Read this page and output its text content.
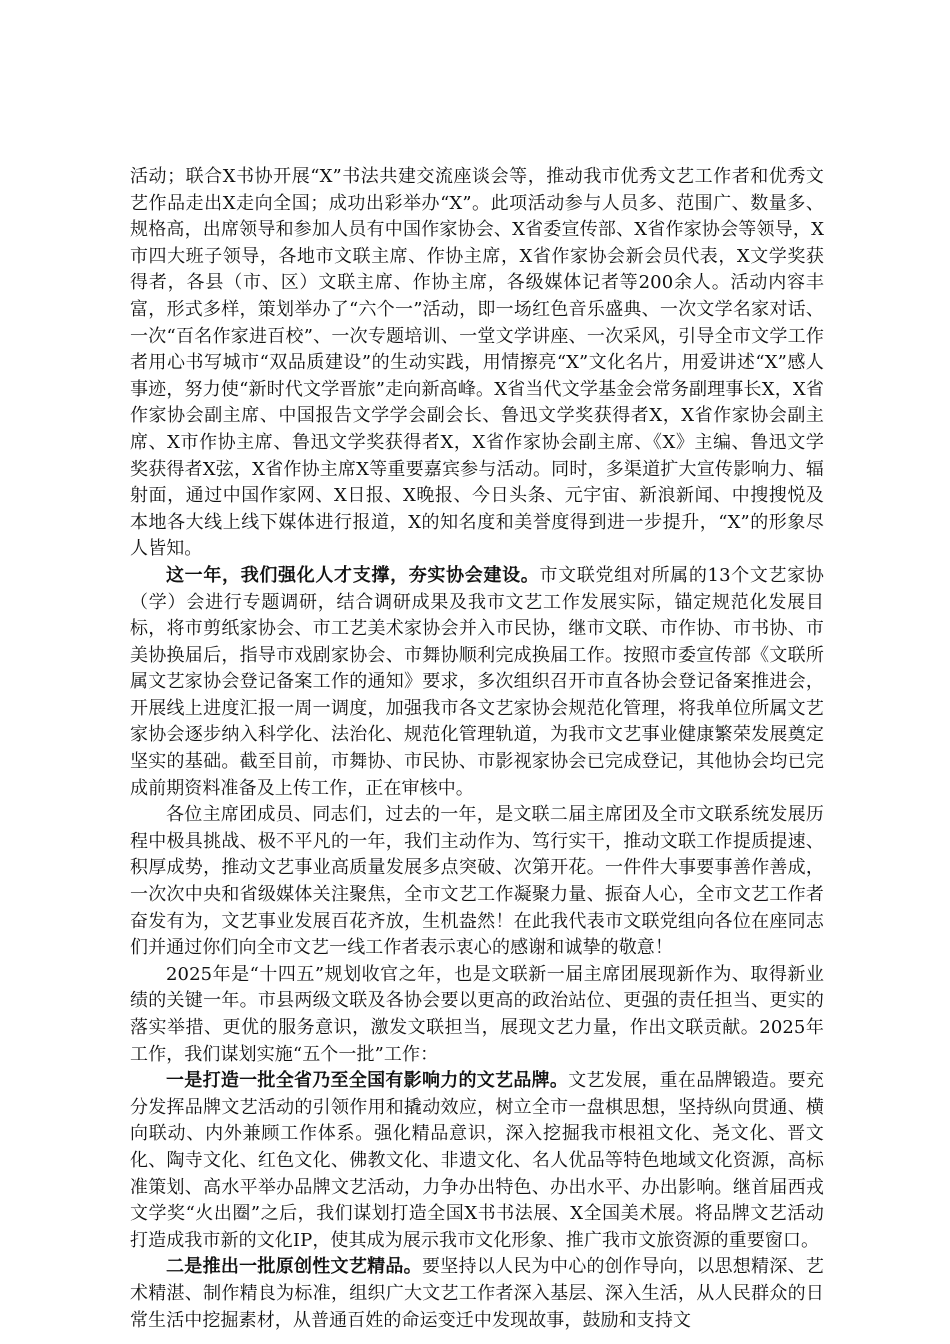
活动；联合X书协开展“X”书法共建交流座谈会等，推动我市优秀文艺工作者和优秀文艺作品走出X走向全国；成功出彩举办“X”。此项活动参与人员多、范围广、数量多、规格高，出席领导和参加人员有中国作家协会、X省委宣传部、X省作家协会等领导，X市四大班子领导，各地市文联主席、作协主席，X省作家协会新会员代表，X文学奖获得者，各县（市、区）文联主席、作协主席，各级媒体记者等200余人。活动内容丰富，形式多样，策划举办了“六个一”活动，即一场红色音乐盛典、一次文学名家对话、一次“百名作家进百校”、一次专题培训、一堂文学讲座、一次采风，引导全市文学工作者用心书写城市“双品质建设”的生动实践，用情擦亮“X”文化名片，用爱讲述“X”感人事迹，努力使“新时代文学晋旅”走向新高峰。X省当代文学基金会常务副理事长X，X省作家协会副主席、中国报告文学学会副会长、鲁迅文学奖获得者X，X省作家协会副主席、X市作协主席、鲁迅文学奖获得者X，X省作家协会副主席、《X》主编、鲁迅文学奖获得者X弦，X省作协主席X等重要嘉宾参与活动。同时，多渠道扩大宣传影响力、辐射面，通过中国作家网、X日报、X晚报、今日头条、元宇宙、新浪新闻、中搜搜悦及本地各大线上线下媒体进行报道，X的知名度和美誉度得到进一步提升，“X”的形象尽人皆知。

这一年，我们强化人才支撑，夯实协会建设。市文联党组对所属的13个文艺家协（学）会进行专题调研，结合调研成果及我市文艺工作发展实际，锚定规范化发展目标，将市剪纸家协会、市工艺美术家协会并入市民协，继市文联、市作协、市书协、市美协换届后，指导市戏剧家协会、市舞协顺利完成换届工作。按照市委宣传部《文联所属文艺家协会登记备案工作的通知》要求，多次组织召开市直各协会登记备案推进会，开展线上进度汇报一周一调度，加强我市各文艺家协会规范化管理，将我单位所属文艺家协会逐步纳入科学化、法治化、规范化管理轨道，为我市文艺事业健康繁荣发展奠定坚实的基础。截至目前，市舞协、市民协、市影视家协会已完成登记，其他协会均已完成前期资料准备及上传工作，正在审核中。

各位主席团成员、同志们，过去的一年，是文联二届主席团及全市文联系统发展历程中极具挑战、极不平凡的一年，我们主动作为、笃行实干，推动文联工作提质提速、积厚成势，推动文艺事业高质量发展多点突破、次第开花。一件件大事要事善作善成，一次次中央和省级媒体关注聚焦，全市文艺工作凝聚力量、振奋人心，全市文艺工作者奋发有为，文艺事业发展百花齐放，生机盎然！在此我代表市文联党组向各位在座同志们并通过你们向全市文艺一线工作者表示衷心的感谢和诚挚的敬意！

2025年是“十四五”规划收官之年，也是文联新一届主席团展现新作为、取得新业绩的关键一年。市县两级文联及各协会要以更高的政治站位、更强的责任担当、更实的落实举措、更优的服务意识，激发文联担当，展现文艺力量，作出文联贡献。2025年工作，我们谋划实施“五个一批”工作：

一是打造一批全省乃至全国有影响力的文艺品牌。文艺发展，重在品牌锻造。要充分发挥品牌文艺活动的引领作用和撬动效应，树立全市一盘棋思想，坚持纵向贯通、横向联动、内外兼顾工作体系。强化精品意识，深入挖掘我市根祖文化、尧文化、晋文化、陶寺文化、红色文化、佛教文化、非遗文化、名人优品等特色地域文化资源，高标准策划、高水平举办品牌文艺活动，力争办出特色、办出水平、办出影响。继首届西戎文学奖“火出圈”之后，我们谋划打造全国X书书法展、X全国美术展。将品牌文艺活动打造成我市新的文化IP，使其成为展示我市文化形象、推广我市文旅资源的重要窗口。

二是推出一批原创性文艺精品。要坚持以人民为中心的创作导向，以思想精深、艺术精湛、制作精良为标准，组织广大文艺工作者深入基层、深入生活，从人民群众的日常生活中挖掘素材，从普通百姓的命运变迁中发现故事，鼓励和支持文
